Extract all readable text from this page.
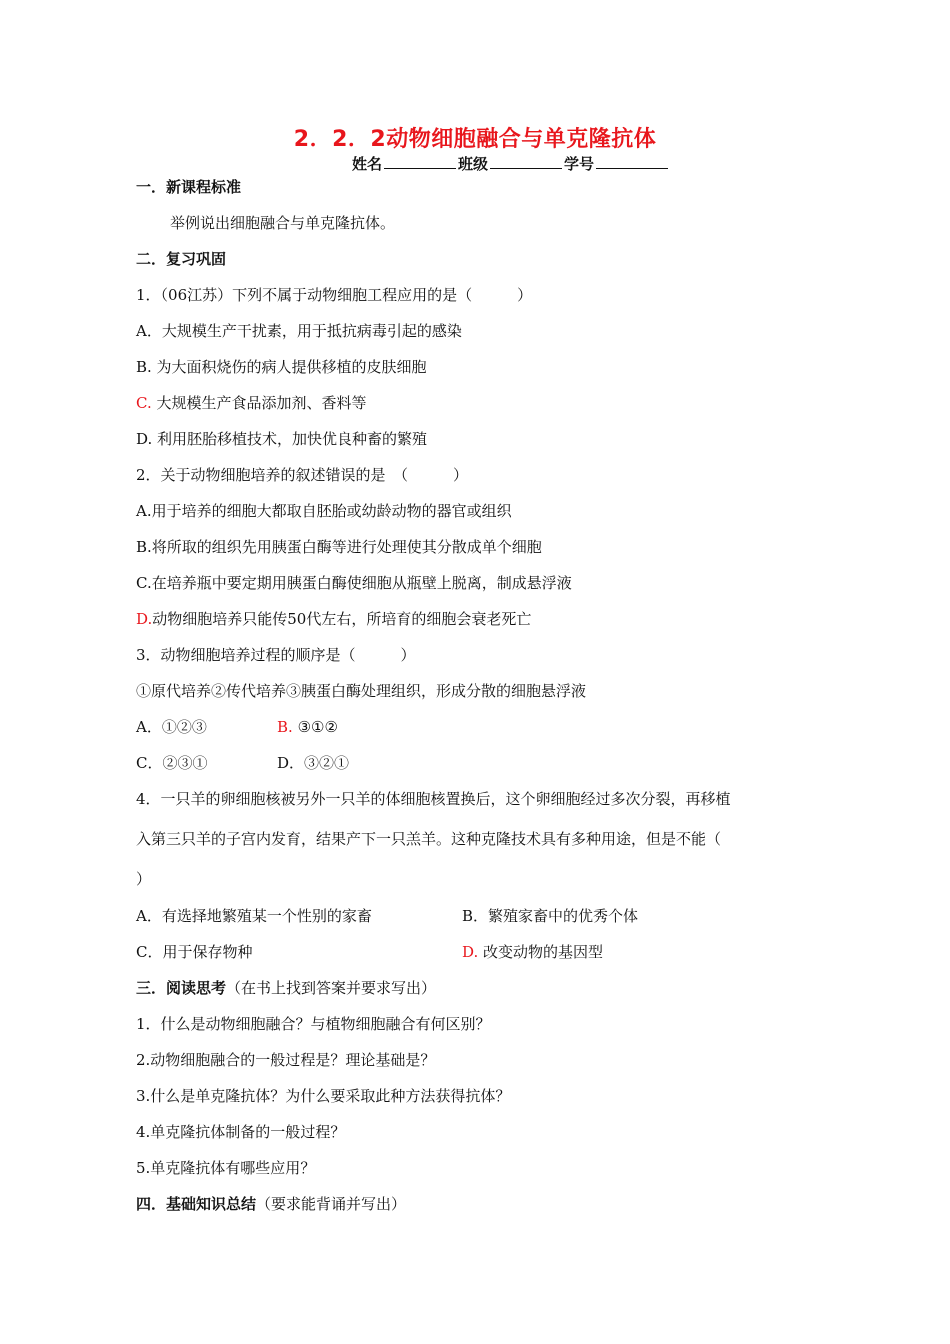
2．2．2动物细胞融合与单克隆抗体
姓名	班级	学号
一．新课程标准
举例说出细胞融合与单克隆抗体。
二．复习巩固
1．（06江苏）下列不属于动物细胞工程应用的是（　　　）
A．大规模生产干扰素，用于抵抗病毒引起的感染
B. 为大面积烧伤的病人提供移植的皮肤细胞
C. 大规模生产食品添加剂、香料等
D. 利用胚胎移植技术，加快优良种畜的繁殖
2．关于动物细胞培养的叙述错误的是　（　　　）
A.用于培养的细胞大都取自胚胎或幼龄动物的器官或组织
B.将所取的组织先用胰蛋白酶等进行处理使其分散成单个细胞
C.在培养瓶中要定期用胰蛋白酶使细胞从瓶壁上脱离，制成悬浮液
D.动物细胞培养只能传50代左右，所培育的细胞会衰老死亡
3．动物细胞培养过程的顺序是（　　　）
①原代培养②传代培养③胰蛋白酶处理组织，形成分散的细胞悬浮液
A．①②③	B. ③①②
C．②③①	D．③②①
4．一只羊的卵细胞核被另外一只羊的体细胞核置换后，这个卵细胞经过多次分裂，再移植
入第三只羊的子宫内发育，结果产下一只羔羊。这种克隆技术具有多种用途，但是不能（
）
A．有选择地繁殖某一个性别的家畜	B．繁殖家畜中的优秀个体
C．用于保存物种	D. 改变动物的基因型
三．阅读思考（在书上找到答案并要求写出）
1．什么是动物细胞融合？与植物细胞融合有何区别？
2.动物细胞融合的一般过程是？理论基础是？
3.什么是单克隆抗体？为什么要采取此种方法获得抗体？
4.单克隆抗体制备的一般过程？
5.单克隆抗体有哪些应用？
四．基础知识总结（要求能背诵并写出）
